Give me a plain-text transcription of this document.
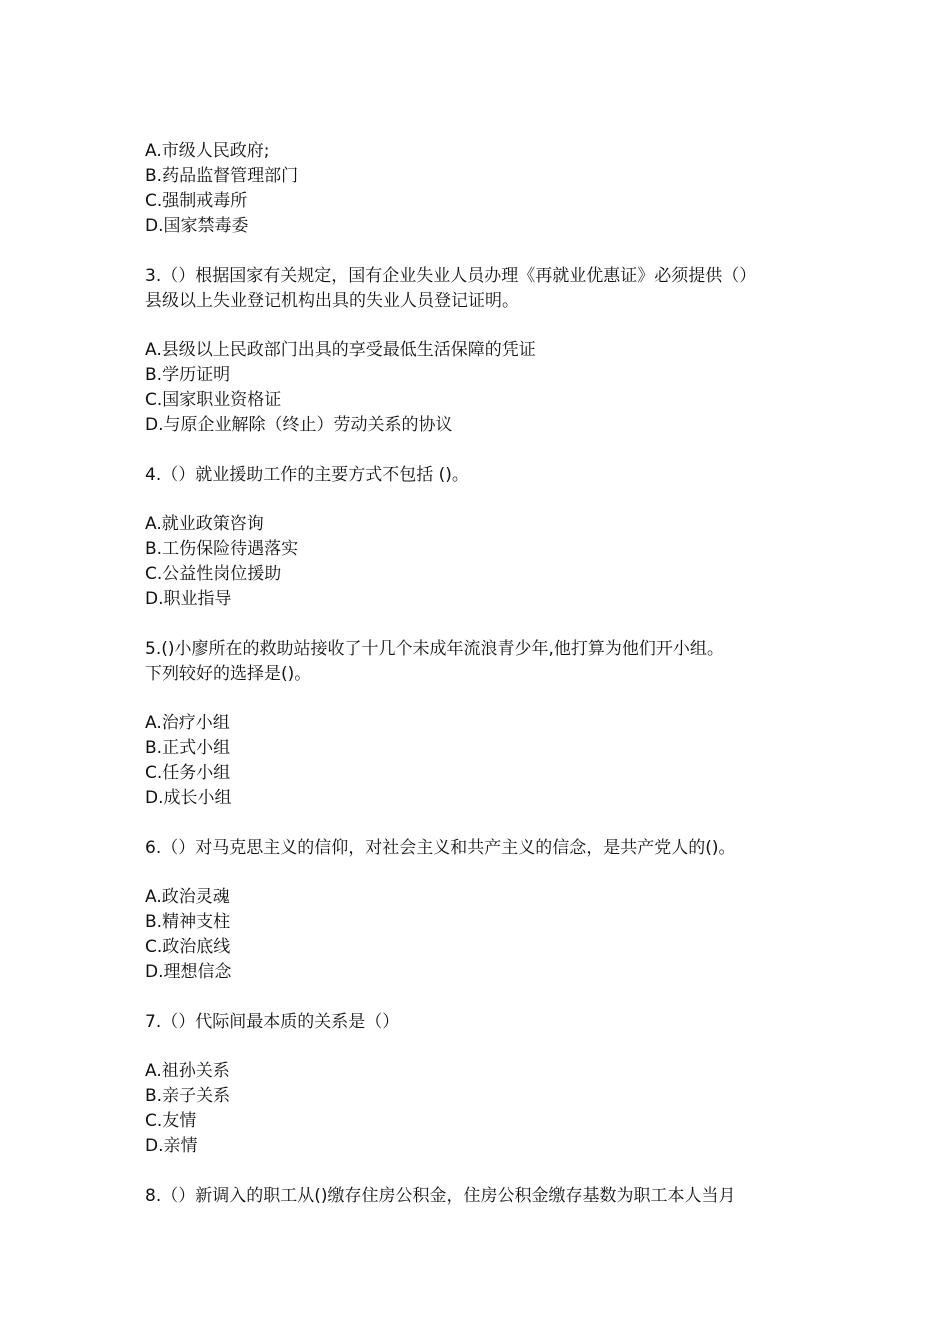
A.市级人民政府;
B.药品监督管理部门
C.强制戒毒所
D.国家禁毒委
3.（）根据国家有关规定，国有企业失业人员办理《再就业优惠证》必须提供（）
县级以上失业登记机构出具的失业人员登记证明。
A.县级以上民政部门出具的享受最低生活保障的凭证
B.学历证明
C.国家职业资格证
D.与原企业解除（终止）劳动关系的协议
4.（）就业援助工作的主要方式不包括 ()。
A.就业政策咨询
B.工伤保险待遇落实
C.公益性岗位援助
D.职业指导
5.()小廖所在的救助站接收了十几个未成年流浪青少年,他打算为他们开小组。
下列较好的选择是()。
A.治疗小组
B.正式小组
C.任务小组
D.成长小组
6.（）对马克思主义的信仰，对社会主义和共产主义的信念，是共产党人的()。
A.政治灵魂
B.精神支柱
C.政治底线
D.理想信念
7.（）代际间最本质的关系是（）
A.祖孙关系
B.亲子关系
C.友情
D.亲情
8.（）新调入的职工从()缴存住房公积金，住房公积金缴存基数为职工本人当月
